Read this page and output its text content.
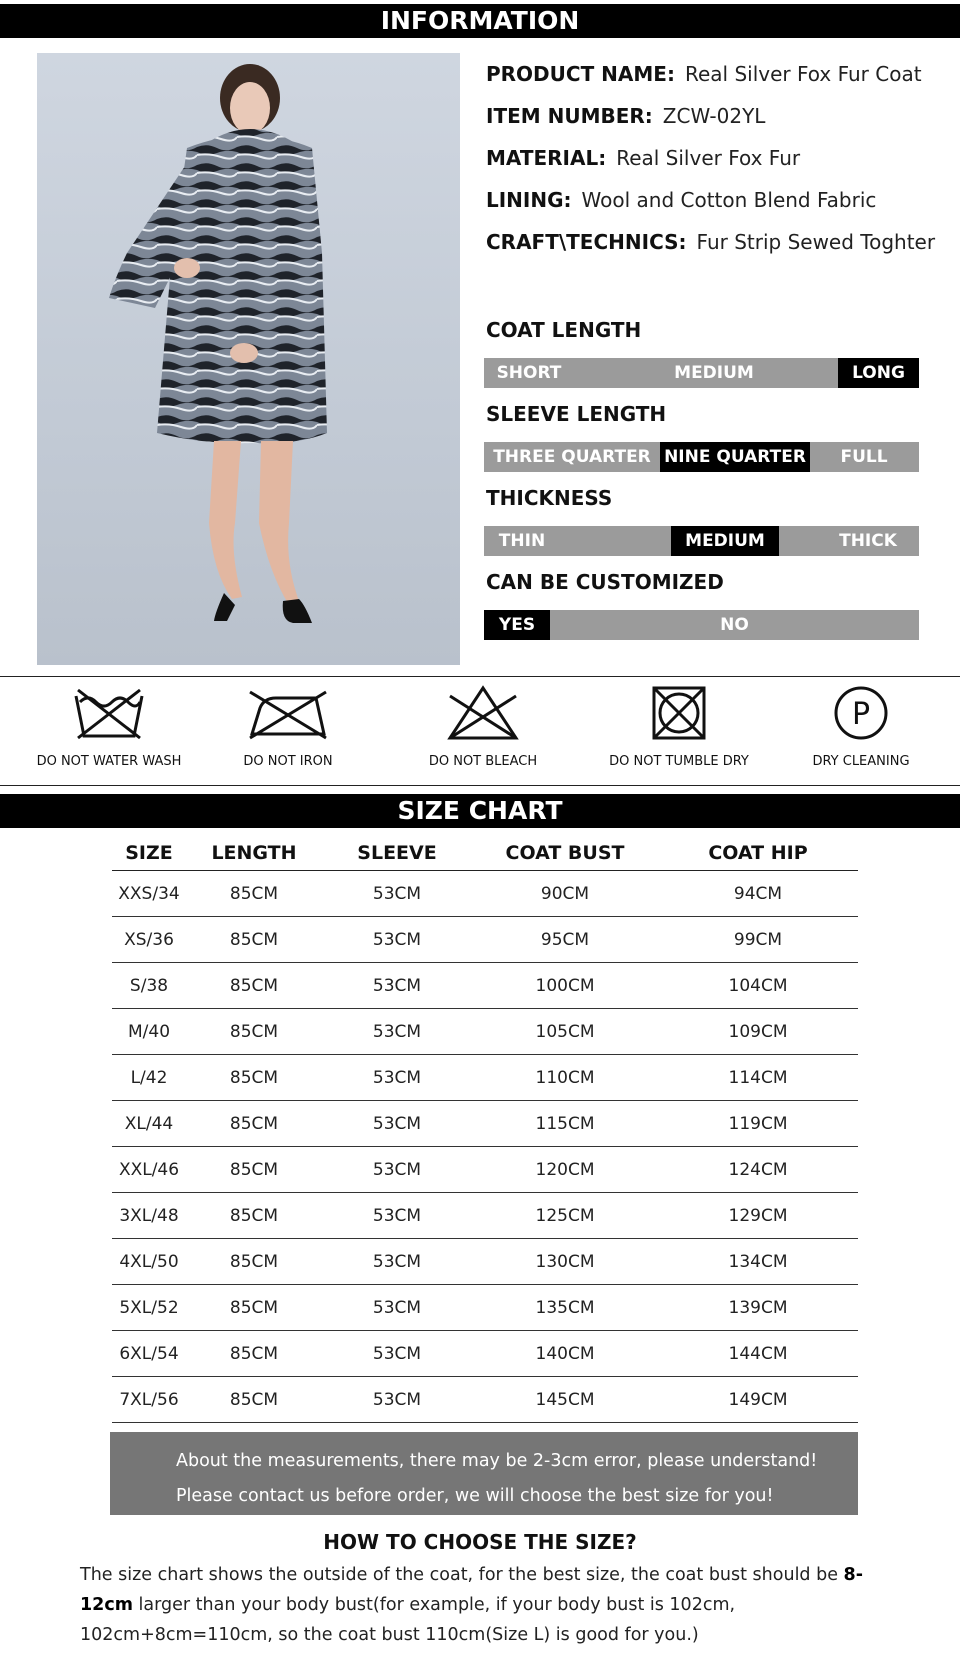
INFORMATION
PRODUCT NAME: Real Silver Fox Fur Coat
ITEM NUMBER: ZCW-02YL
MATERIAL: Real Silver Fox Fur
LINING: Wool and Cotton Blend Fabric
CRAFT\TECHNICS: Fur Strip Sewed Toghter
COAT LENGTH
SHORT	MEDIUM	LONG
SLEEVE LENGTH
THREE QUARTER NINE QUARTER	FULL
THICKNESS
THIN	MEDIUM	THICK
CAN BE CUSTOMIZED
YES	NO
DO NOT WATER WASH	DO NOT IRON	DO NOT BLEACH	DO NOT TUMBLE DRY
P
DRY CLEANING
SIZE CHART
SIZE	LENGTH	SLEEVE	COAT BUST	COAT HIP
XXS/34	85CM	53CM	90CM	94CM
XS/36	85CM	53CM	95CM	99CM
S/38	85CM	53CM	100CM	104CM
M/40	85CM	53CM	105CM	109CM
L/42	85CM	53CM	110CM	114CM
XL/44	85CM	53CM	115CM	119CM
XXL/46	85CM	53CM	120CM	124CM
3XL/48	85CM	53CM	125CM	129CM
4XL/50	85CM	53CM	130CM	134CM
5XL/52	85CM	53CM	135CM	139CM
6XL/54	85CM	53CM	140CM	144CM
7XL/56	85CM	53CM	145CM	149CM
About the measurements, there may be 2-3cm error, please understand!
Please contact us before order, we will choose the best size for you!
HOW TO CHOOSE THE SIZE?
The size chart shows the outside of the coat, for the best size, the coat bust should be 8-12cm larger than your body bust(for example, if your body bust is 102cm, 102cm+8cm=110cm, so the coat bust 110cm(Size L) is good for you.)
